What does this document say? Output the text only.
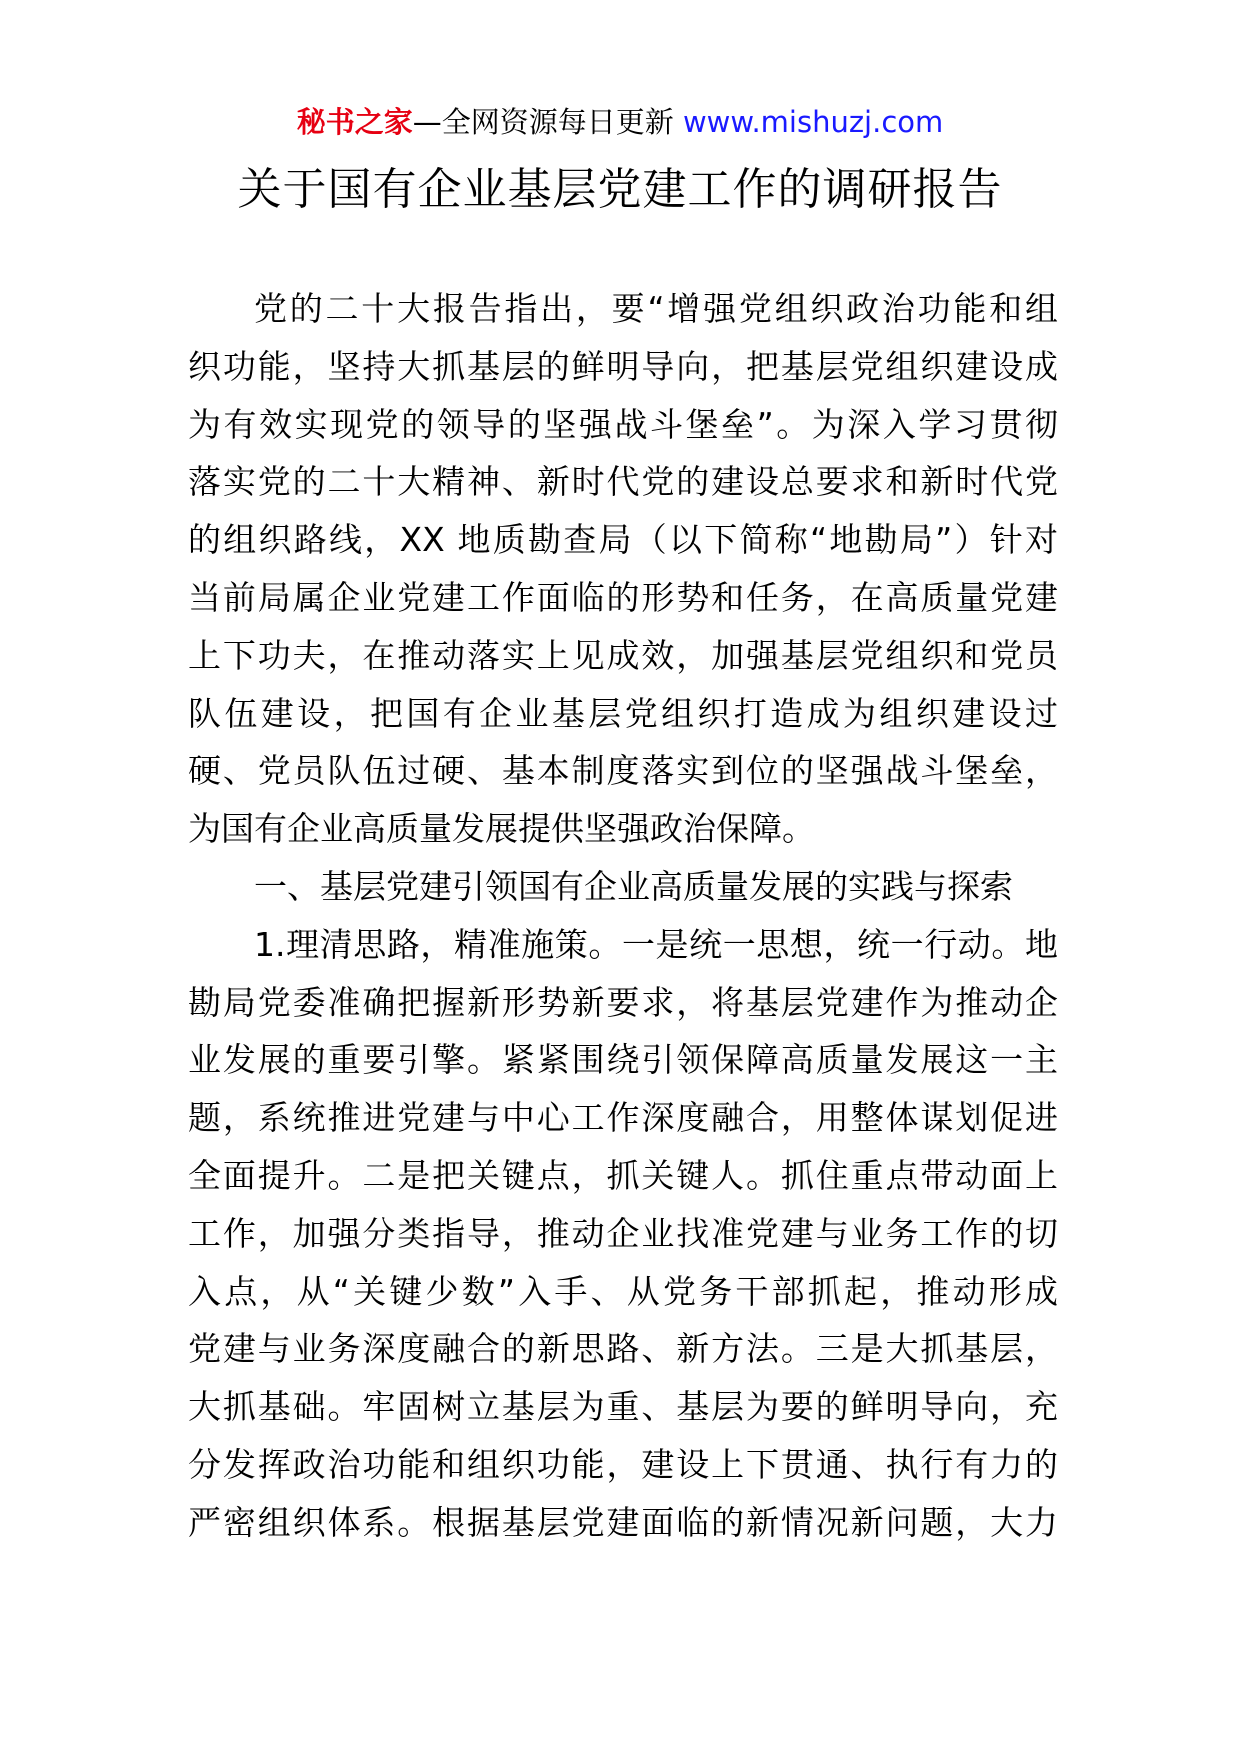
秘书之家—全网资源每日更新 www.mishuzj.com
关于国有企业基层党建工作的调研报告
党的二十大报告指出，要“增强党组织政治功能和组
织功能，坚持大抓基层的鲜明导向，把基层党组织建设成
为有效实现党的领导的坚强战斗堡垒”。为深入学习贯彻
落实党的二十大精神、新时代党的建设总要求和新时代党
的组织路线，XX 地质勘查局（以下简称“地勘局”）针对
当前局属企业党建工作面临的形势和任务，在高质量党建
上下功夫，在推动落实上见成效，加强基层党组织和党员
队伍建设，把国有企业基层党组织打造成为组织建设过
硬、党员队伍过硬、基本制度落实到位的坚强战斗堡垒，
为国有企业高质量发展提供坚强政治保障。
一、基层党建引领国有企业高质量发展的实践与探索
1.理清思路，精准施策。一是统一思想，统一行动。地
勘局党委准确把握新形势新要求，将基层党建作为推动企
业发展的重要引擎。紧紧围绕引领保障高质量发展这一主
题，系统推进党建与中心工作深度融合，用整体谋划促进
全面提升。二是把关键点，抓关键人。抓住重点带动面上
工作，加强分类指导，推动企业找准党建与业务工作的切
入点，从“关键少数”入手、从党务干部抓起，推动形成
党建与业务深度融合的新思路、新方法。三是大抓基层，
大抓基础。牢固树立基层为重、基层为要的鲜明导向，充
分发挥政治功能和组织功能，建设上下贯通、执行有力的
严密组织体系。根据基层党建面临的新情况新问题，大力
